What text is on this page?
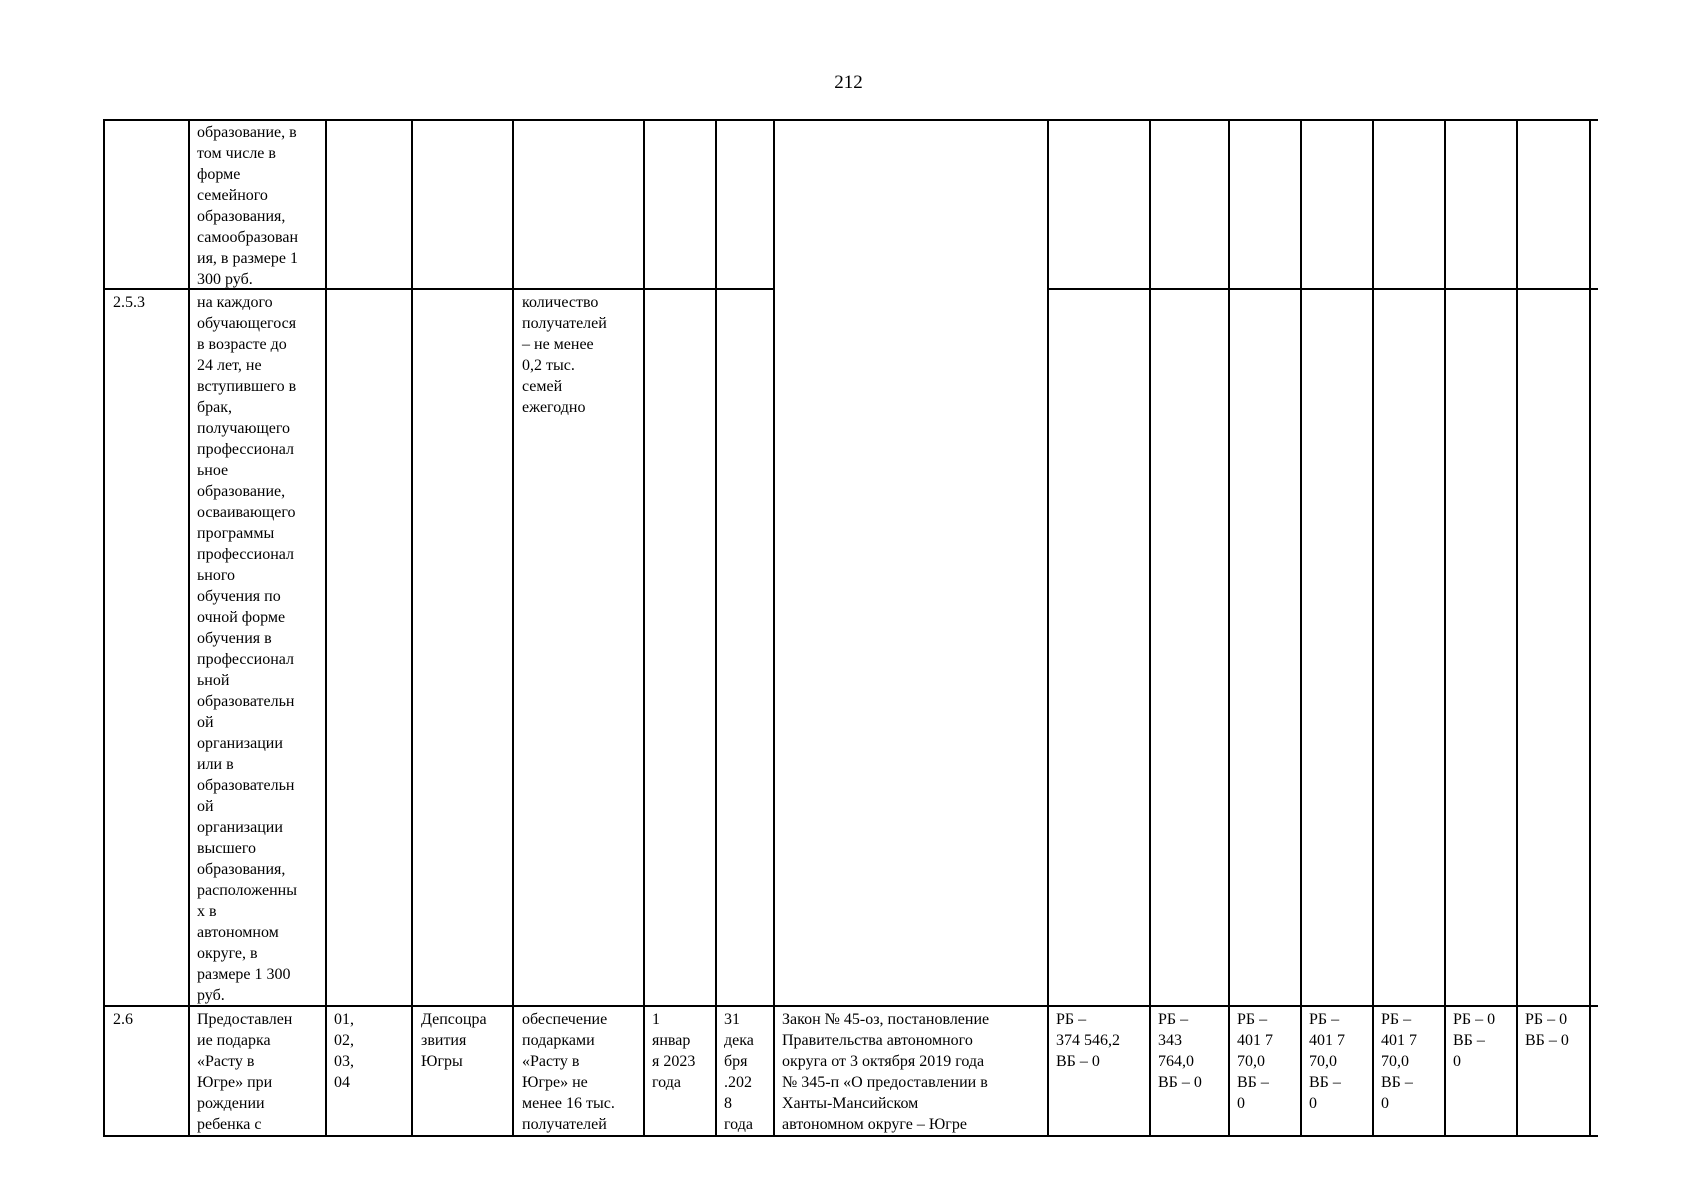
212
образование, в
том числе в
форме
семейного
образования,
самообразован
ия, в размере 1
300 руб.
2.5.3	на каждого
обучающегося
в возрасте до
24 лет, не
вступившего в
брак,
получающего
профессионал
ьное
образование,
осваивающего
программы
профессионал
ьного
обучения по
очной форме
обучения в
профессионал
ьной
образовательн
ой
организации
или в
образовательн
ой
организации
высшего
образования,
расположенны
х в
автономном
округе, в
размере 1 300
руб.
количество
получателей
– не менее
0,2 тыс.
семей
ежегодно
2.6	Предоставлен
ие подарка
«Расту в
Югре» при
рождении
ребенка с
01,
02,
03,
04
Депсоцра
звития
Югры
обеспечение
подарками
«Расту в
Югре» не
менее 16 тыс.
получателей
1
январ
я 2023
года
31
дека
бря
.202
8
года
Закон № 45-оз, постановление
Правительства автономного
округа от 3 октября 2019 года
№ 345-п «О предоставлении в
Ханты-Мансийском
автономном округе – Югре
РБ –
374 546,2
ВБ – 0
РБ –
343
764,0
ВБ – 0
РБ –
401 7
70,0
ВБ –
0
РБ –
401 7
70,0
ВБ –
0
РБ –
401 7
70,0
ВБ –
0
РБ – 0
ВБ –
0
РБ – 0
ВБ – 0
